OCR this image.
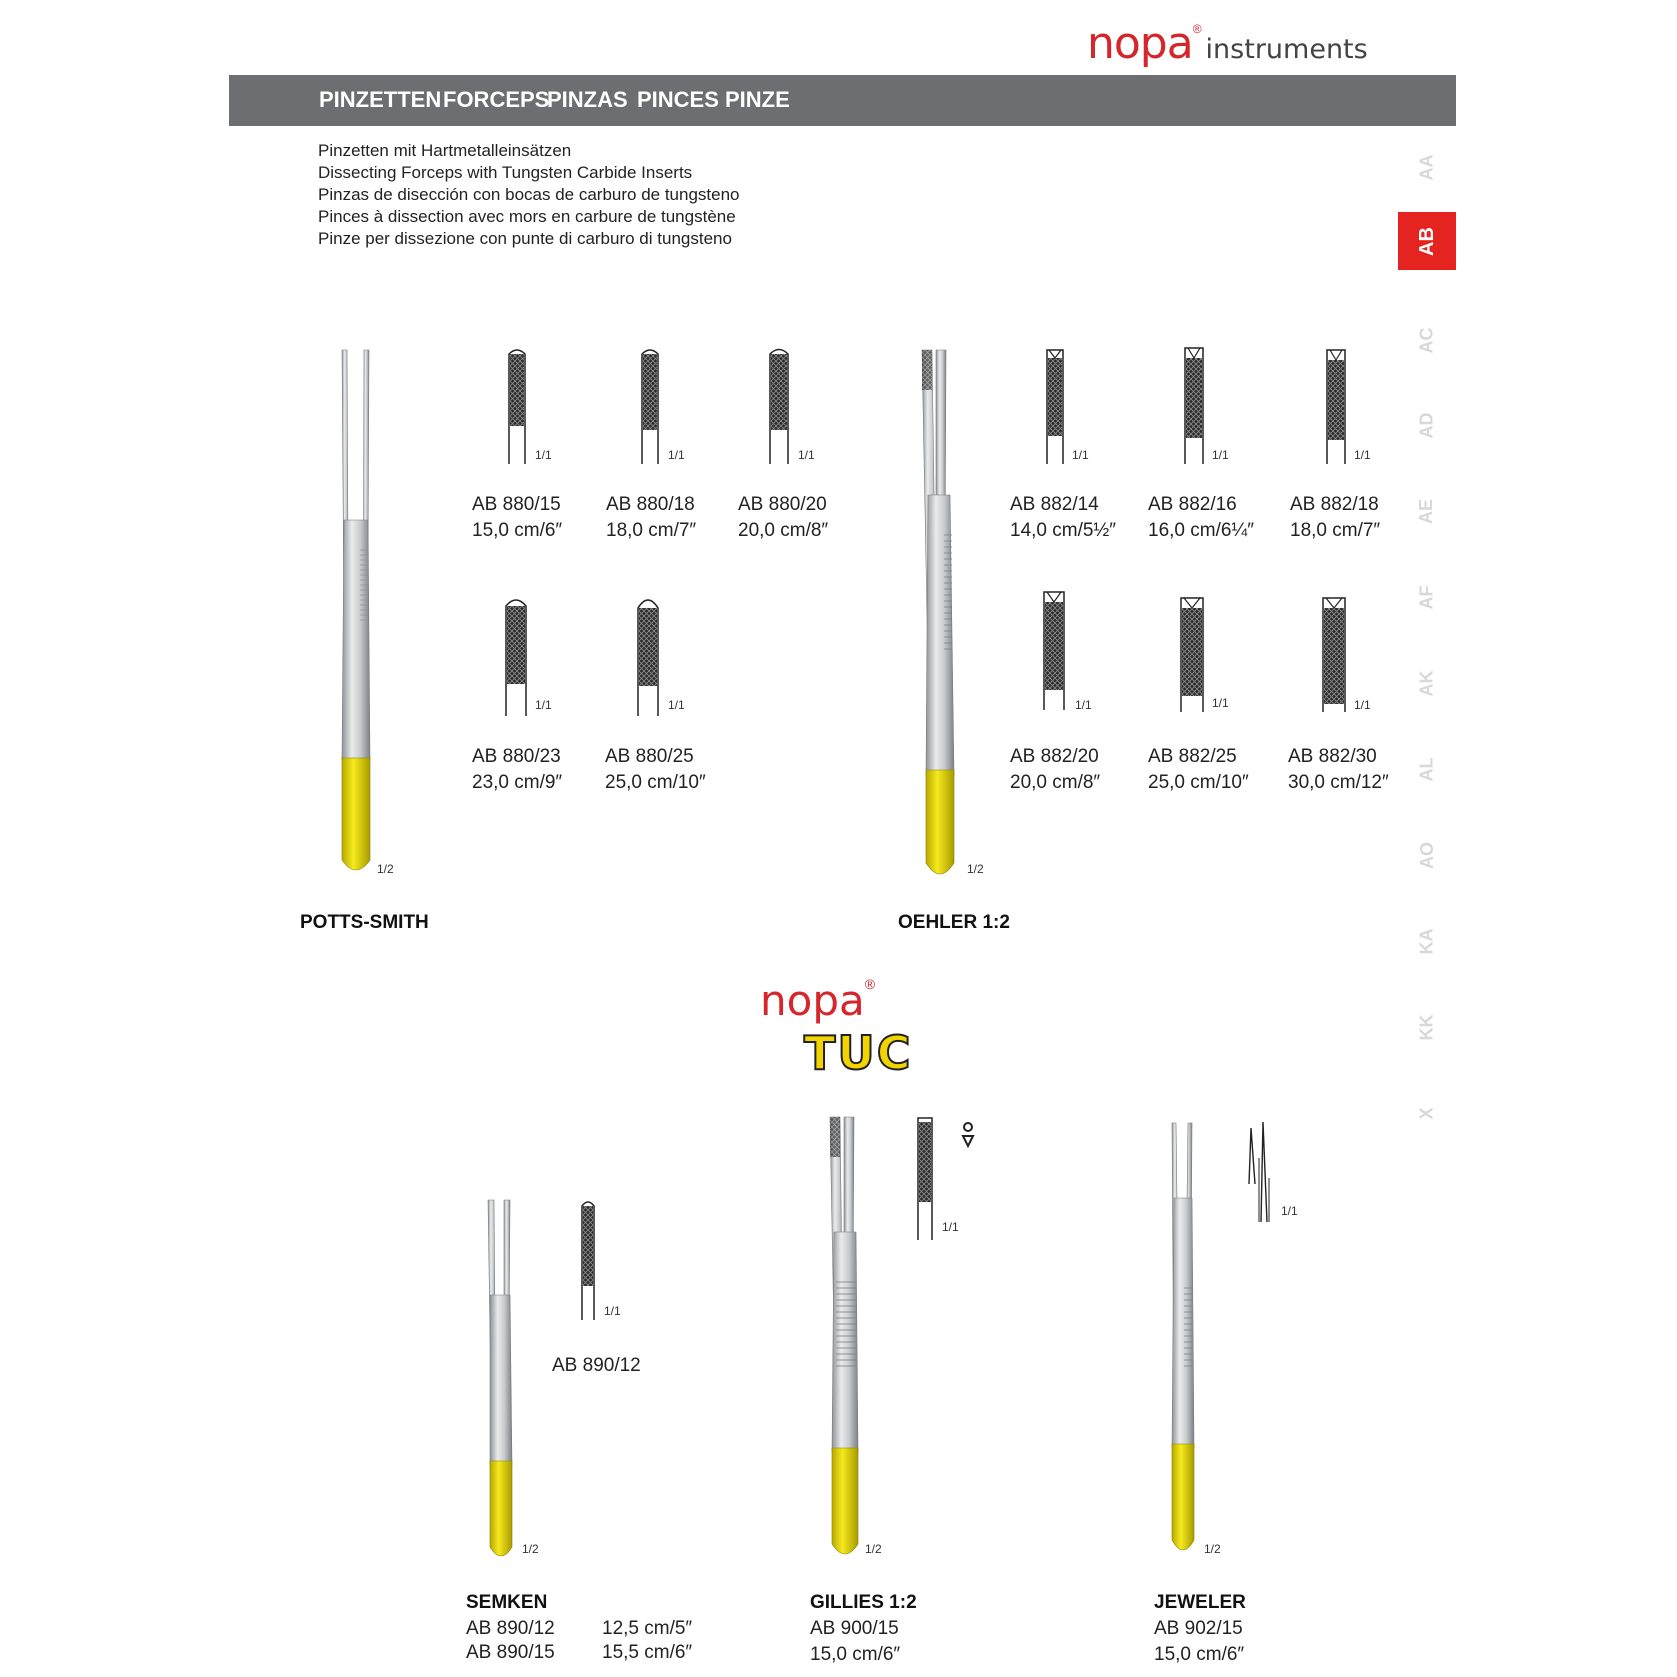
nopa®instruments
PINZETTEN FORCEPS
PINZAS PINCES PINZE
Pinzetten mit Hartmetalleinsätzen
Dissecting Forceps with Tungsten Carbide Inserts
Pinzas de disección con bocas de carburo de tungsteno
Pinces à dissection avec mors en carbure de tungstène
Pinze per dissezione con punte di carburo di tungsteno
AA
AB
AC
AD
AE
AF
AK
AL
AO
KA
KK
X
1/2
POTTS-SMITH
1/1
AB 880/15
15,0 cm/6″
1/1
AB 880/18
18,0 cm/7″
1/1
AB 880/20
20,0 cm/8″
1/1
AB 880/23
23,0 cm/9″
1/1
AB 880/25
25,0 cm/10″
1/2
OEHLER 1:2
1/1
AB 882/14
14,0 cm/5½″
1/1
AB 882/16
16,0 cm/6¼″
1/1
AB 882/18
18,0 cm/7″
1/1
AB 882/20
20,0 cm/8″
1/1
AB 882/25
25,0 cm/10″
1/1
AB 882/30
30,0 cm/12″
nopa®
TUC
1/2
1/1
AB 890/12
SEMKEN
AB 890/12 12,5 cm/5″
AB 890/15 15,5 cm/6″
1/2
1/1
GILLIES 1:2
AB 900/15
15,0 cm/6″
1/2
1/1
JEWELER
AB 902/15
15,0 cm/6″
